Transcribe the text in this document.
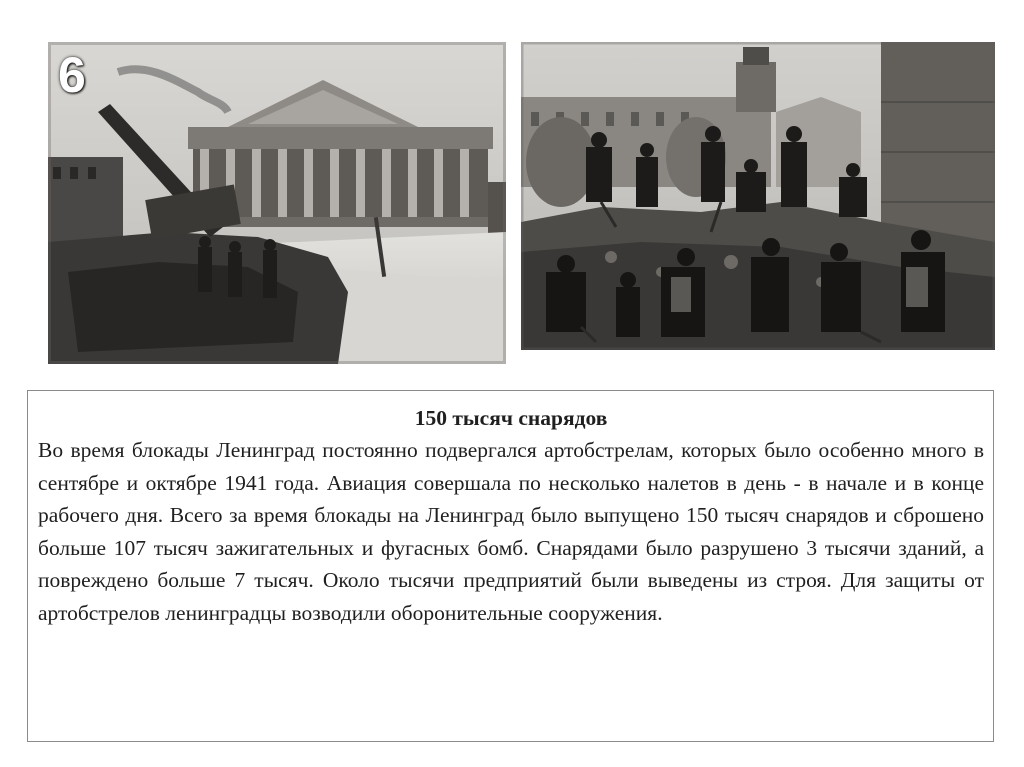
6

150 тысяч снарядов

Во время блокады Ленинград постоянно подвергался артобстрелам, которых было особенно много в сентябре и октябре 1941 года. Авиация совершала по несколько налетов в день - в начале и в конце рабочего дня. Всего за время блокады на Ленинград было выпущено 150 тысяч снарядов и сброшено больше 107 тысяч зажигательных и фугасных бомб. Снарядами было разрушено 3 тысячи зданий, а повреждено больше 7 тысяч. Около тысячи предприятий были выведены из строя. Для защиты от артобстрелов ленинградцы возводили оборонительные сооружения.
